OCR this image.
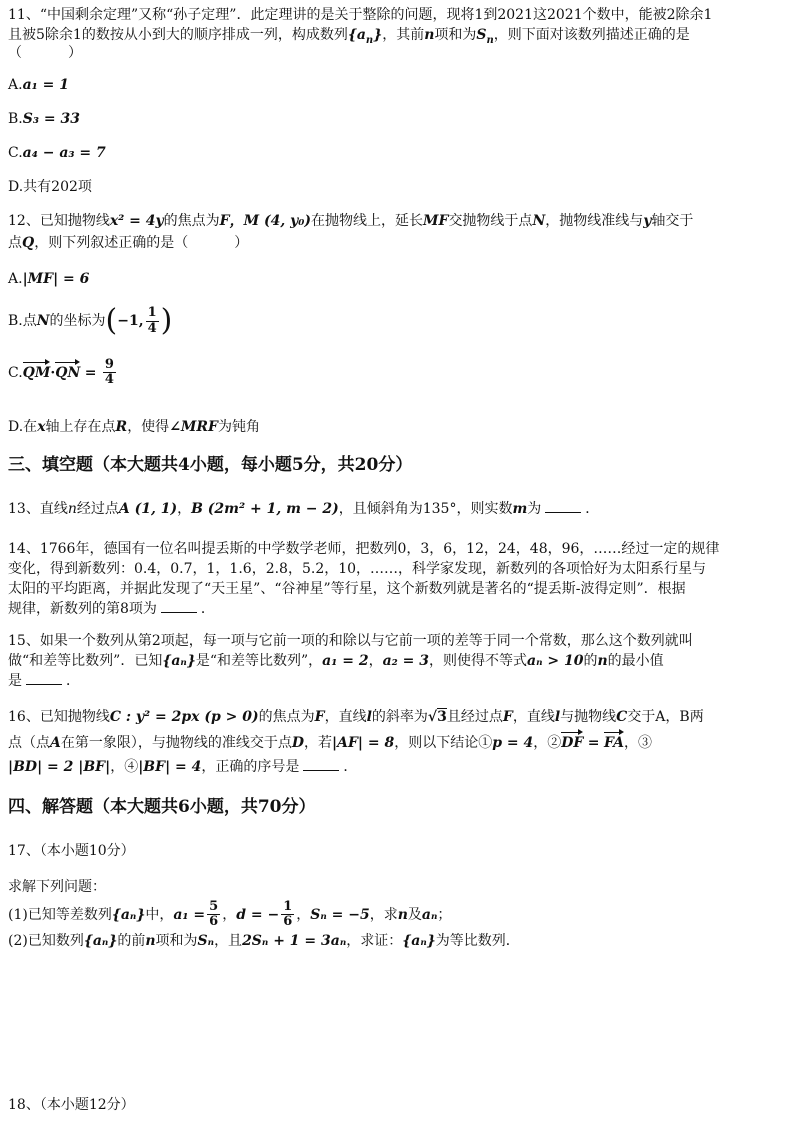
11、“中国剩余定理”又称“孙子定理”．此定理讲的是关于整除的问题，现将1到2021这2021个数中，能被2除余1
且被5除余1的数按从小到大的顺序排成一列，构成数列$\{a_n\}$，其前n项和为$S_n$，则下面对该数列描述正确的是
（	）
A.a₁ = 1
B.S₃ = 33
C.a₄ − a₃ = 7
D.共有202项
12、已知抛物线x² = 4y的焦点为F，M (4, y₀)在抛物线上，延长MF交抛物线于点N，抛物线准线与y轴交于
点Q，则下列叙述正确的是（	）
A.|MF| = 6
B.点N的坐标为(−1, $\frac{1}{4}$ )
$C.QM\cdot QN = \frac{9}{4}$
D.在x轴上存在点R，使得∠MRF为钝角
三、填空题（本大题共4小题，每小题5分，共20分）
13、直线n经过点A (1, 1)，B (2m² + 1, m − 2)，且倾斜角为135°，则实数m为	．
14、1766年，德国有一位名叫提丢斯的中学数学老师，把数列0，3，6，12，24，48，96，……经过一定的规律
变化，得到新数列：0.4，0.7，1，1.6，2.8，5.2，10，……，科学家发现，新数列的各项恰好为太阳系行星与
太阳的平均距离，并据此发现了“天王星”、“谷神星”等行星，这个新数列就是著名的“提丢斯-波得定则”．根据
规律，新数列的第8项为	．
15、如果一个数列从第2项起，每一项与它前一项的和除以与它前一项的差等于同一个常数，那么这个数列就叫
做“和差等比数列”．已知{aₙ}是“和差等比数列”，a₁ = 2，a₂ = 3，则使得不等式aₙ > 10的n的最小值
是	．
16、已知抛物线C : y² = 2px (p > 0)的焦点为F，直线l的斜率为√3且经过点F，直线l与抛物线C交于A，B两
点（点A在第一象限），与抛物线的准线交于点D，若|AF| = 8，则以下结论①p = 4，②DF = FA，③
|BD| = 2 |BF|，④|BF| = 4，正确的序号是	．
四、解答题（本大题共6小题，共70分）
17、（本小题10分）
求解下列问题：
(1)已知等差数列{aₙ}中，$a_1 = \frac{5}{6}$ ，d = − $\frac{1}{6}$ ，Sₙ = −5，求n及aₙ；
(2)已知数列{aₙ}的前n项和为Sₙ，且2Sₙ + 1 = 3aₙ，求证：{aₙ}为等比数列．
18、（本小题12分）
